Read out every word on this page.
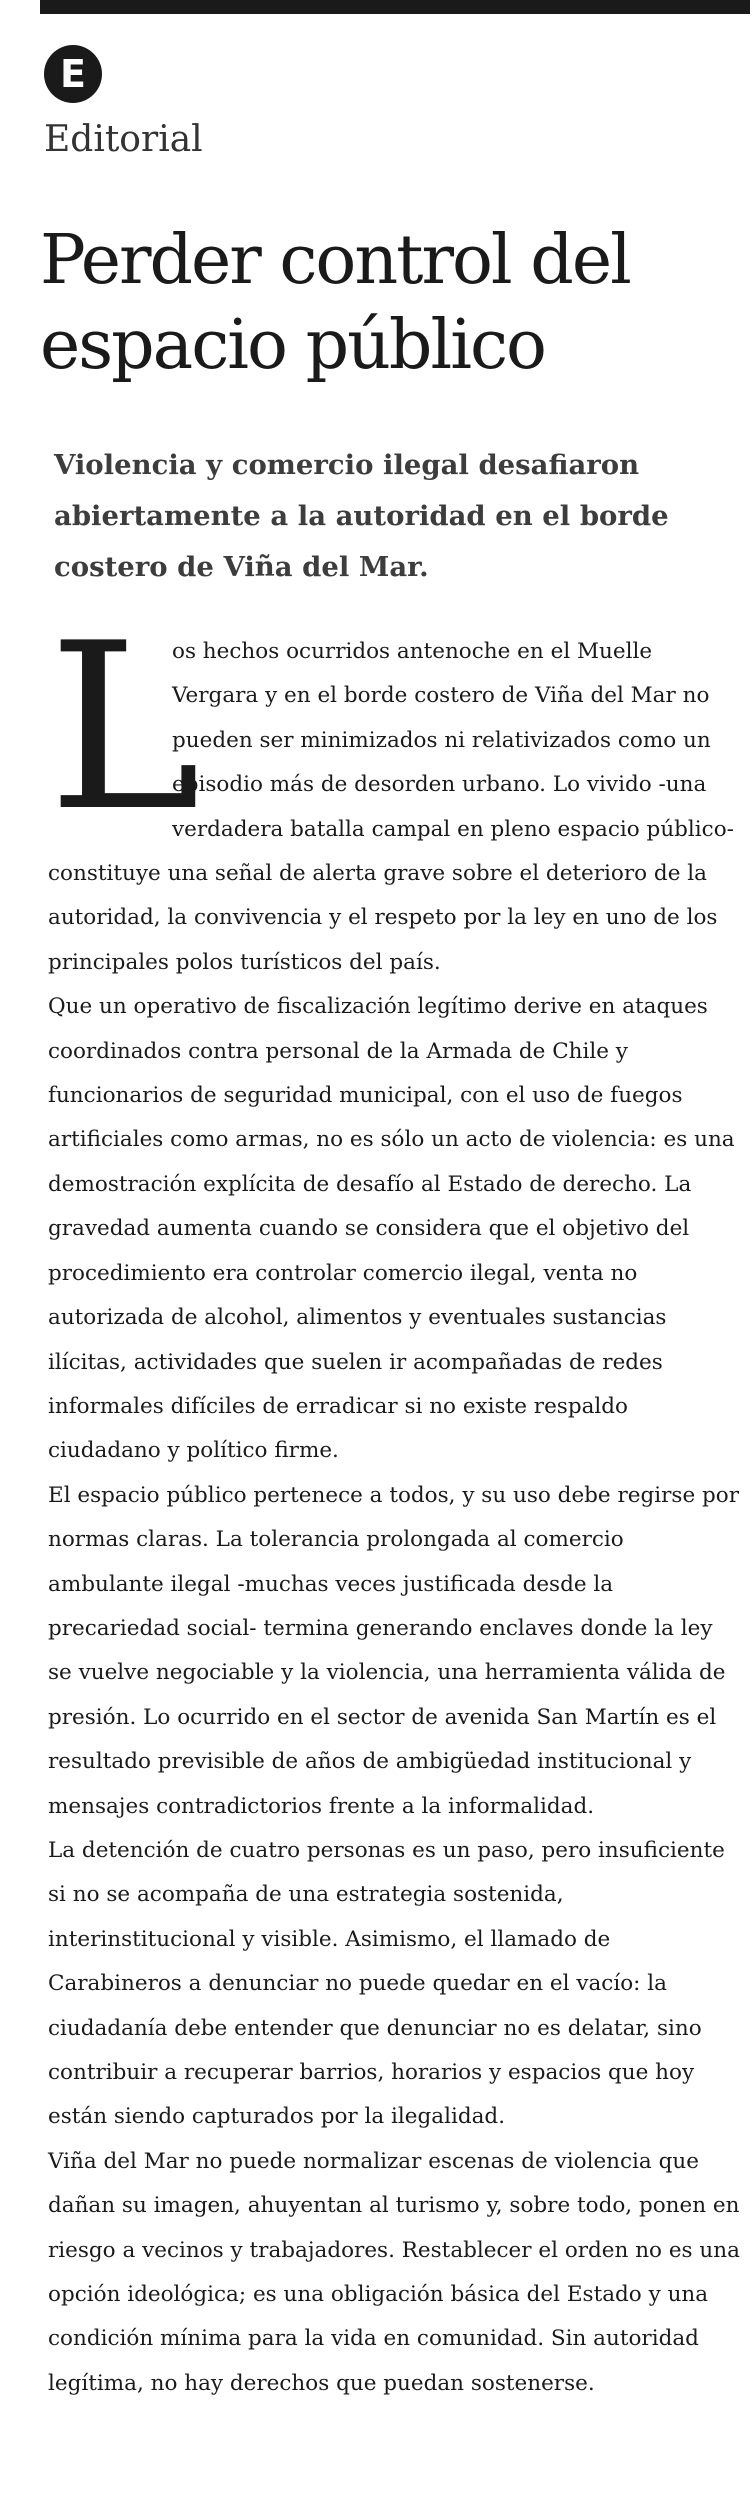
E
Editorial
Perder control del espacio público

Violencia y comercio ilegal desafiaron abiertamente a la autoridad en el borde costero de Viña del Mar.

L

os hechos ocurridos antenoche en el Muelle Vergara y en el borde costero de Viña del Mar no pueden ser minimizados ni relativizados como un episodio más de desorden urbano. Lo vivido -una verdadera batalla campal en pleno espacio público- constituye una señal de alerta grave sobre el deterioro de la autoridad, la convivencia y el respeto por la ley en uno de los principales polos turísticos del país.

Que un operativo de fiscalización legítimo derive en ataques coordinados contra personal de la Armada de Chile y funcionarios de seguridad municipal, con el uso de fuegos artificiales como armas, no es sólo un acto de violencia: es una demostración explícita de desafío al Estado de derecho. La gravedad aumenta cuando se considera que el objetivo del procedimiento era controlar comercio ilegal, venta no autorizada de alcohol, alimentos y eventuales sustancias ilícitas, actividades que suelen ir acompañadas de redes informales difíciles de erradicar si no existe respaldo ciudadano y político firme.

El espacio público pertenece a todos, y su uso debe regirse por normas claras. La tolerancia prolongada al comercio ambulante ilegal -muchas veces justificada desde la precariedad social- termina generando enclaves donde la ley se vuelve negociable y la violencia, una herramienta válida de presión. Lo ocurrido en el sector de avenida San Martín es el resultado previsible de años de ambigüedad institucional y mensajes contradictorios frente a la informalidad.

La detención de cuatro personas es un paso, pero insuficiente si no se acompaña de una estrategia sostenida, interinstitucional y visible. Asimismo, el llamado de Carabineros a denunciar no puede quedar en el vacío: la ciudadanía debe entender que denunciar no es delatar, sino contribuir a recuperar barrios, horarios y espacios que hoy están siendo capturados por la ilegalidad.

Viña del Mar no puede normalizar escenas de violencia que dañan su imagen, ahuyentan al turismo y, sobre todo, ponen en riesgo a vecinos y trabajadores. Restablecer el orden no es una opción ideológica; es una obligación básica del Estado y una condición mínima para la vida en comunidad. Sin autoridad legítima, no hay derechos que puedan sostenerse.
